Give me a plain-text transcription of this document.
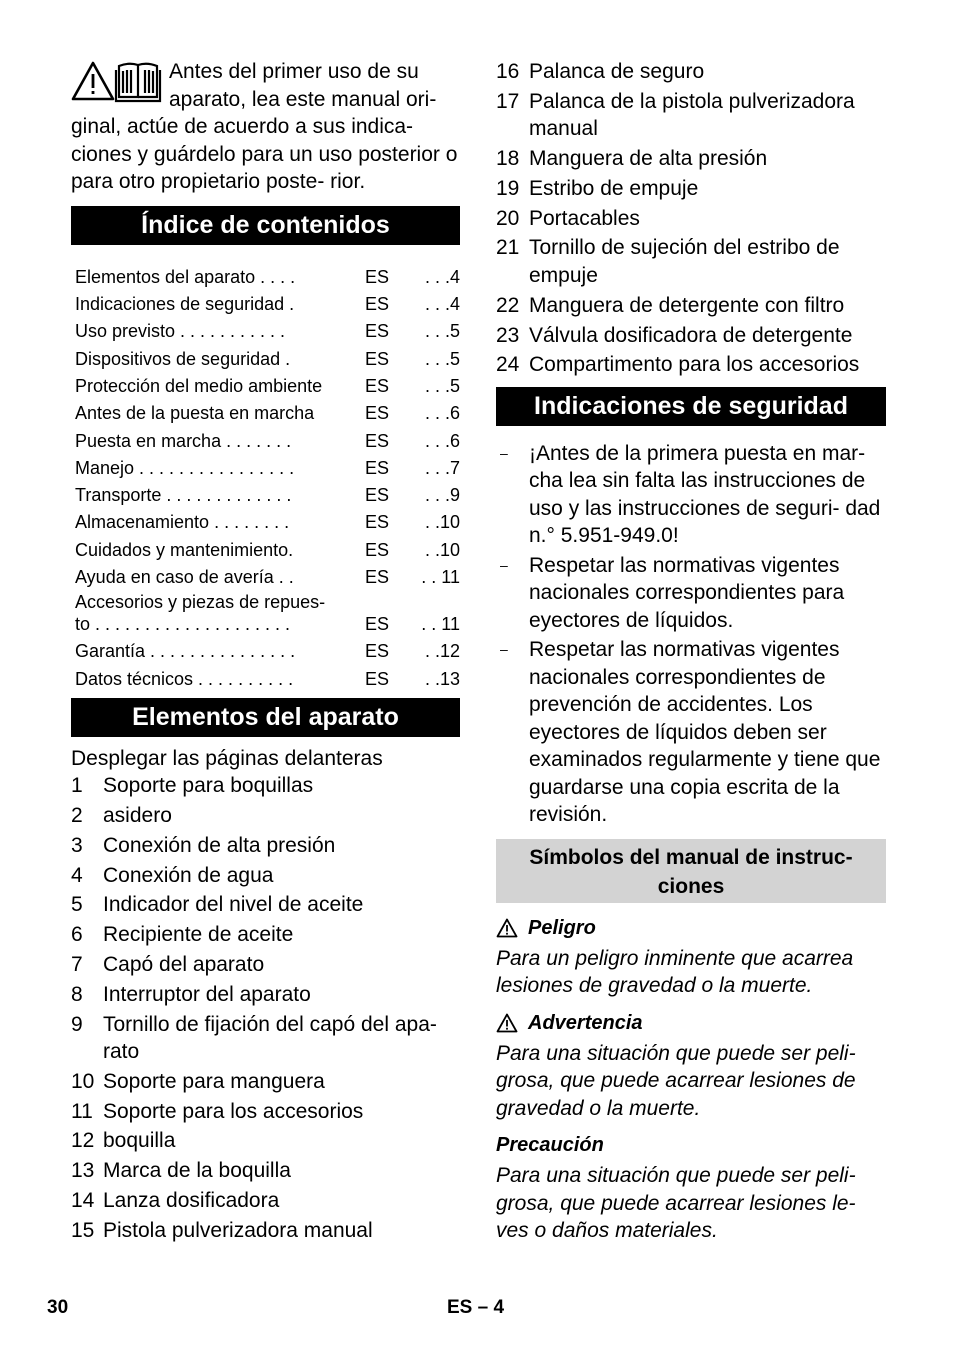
Antes del primer uso de su

aparato, lea este manual ori-

ginal, actúe de acuerdo a sus indica- ciones y guárdelo para un uso posterior o para otro propietario poste- rior.

Índice de contenidos
Elementos del aparato . . . .	ES	. . .4

Indicaciones de seguridad .	ES	. . .4

Uso previsto . . . . . . . . . . .	ES	. . .5

Dispositivos de seguridad .	ES	. . .5

Protección del medio ambiente	ES	. . .5

Antes de la puesta en marcha	ES	. . .6

Puesta en marcha . . . . . . .	ES	. . .6

Manejo . . . . . . . . . . . . . . . .	ES	. . .7

Transporte . . . . . . . . . . . . .	ES	. . .9

Almacenamiento . . . . . . . .	ES	. .10

Cuidados y mantenimiento.	ES	. .10

Ayuda en caso de avería . .	ES	. . 11

Accesorios y piezas de repues-
to . . . . . . . . . . . . . . . . . . . .	ES	. . 11

Garantía . . . . . . . . . . . . . . .	ES	. .12

Datos técnicos . . . . . . . . . .	ES	. .13
Elementos del aparato

Desplegar las páginas delanteras

1 Soporte para boquillas
2 asidero
3 Conexión de alta presión
4 Conexión de agua
5 Indicador del nivel de aceite
6 Recipiente de aceite
7 Capó del aparato
8 Interruptor del aparato
9 Tornillo de fijación del capó del apa- rato
10 Soporte para manguera
11 Soporte para los accesorios
12 boquilla
13 Marca de la boquilla
14 Lanza dosificadora
15 Pistola pulverizadora manual
16 Palanca de seguro
17 Palanca de la pistola pulverizadora manual
18 Manguera de alta presión
19 Estribo de empuje
20 Portacables
21 Tornillo de sujeción del estribo de empuje
22 Manguera de detergente con filtro
23 Válvula dosificadora de detergente
24 Compartimento para los accesorios
Indicaciones de seguridad
–	¡Antes de la primera puesta en mar- cha lea sin falta las instrucciones de uso y las instrucciones de seguri- dad n.° 5.951-949.0!
–	Respetar las normativas vigentes nacionales correspondientes para eyectores de líquidos.
–	Respetar las normativas vigentes nacionales correspondientes de prevención de accidentes. Los eyectores de líquidos deben ser examinados regularmente y tiene que guardarse una copia escrita de la revisión.
Símbolos del manual de instruc- ciones
Peligro

Para un peligro inminente que acarrea lesiones de gravedad o la muerte.

Advertencia

Para una situación que puede ser peli- grosa, que puede acarrear lesiones de gravedad o la muerte.

Precaución

Para una situación que puede ser peli- grosa, que puede acarrear lesiones le- ves o daños materiales.

30	ES – 4
